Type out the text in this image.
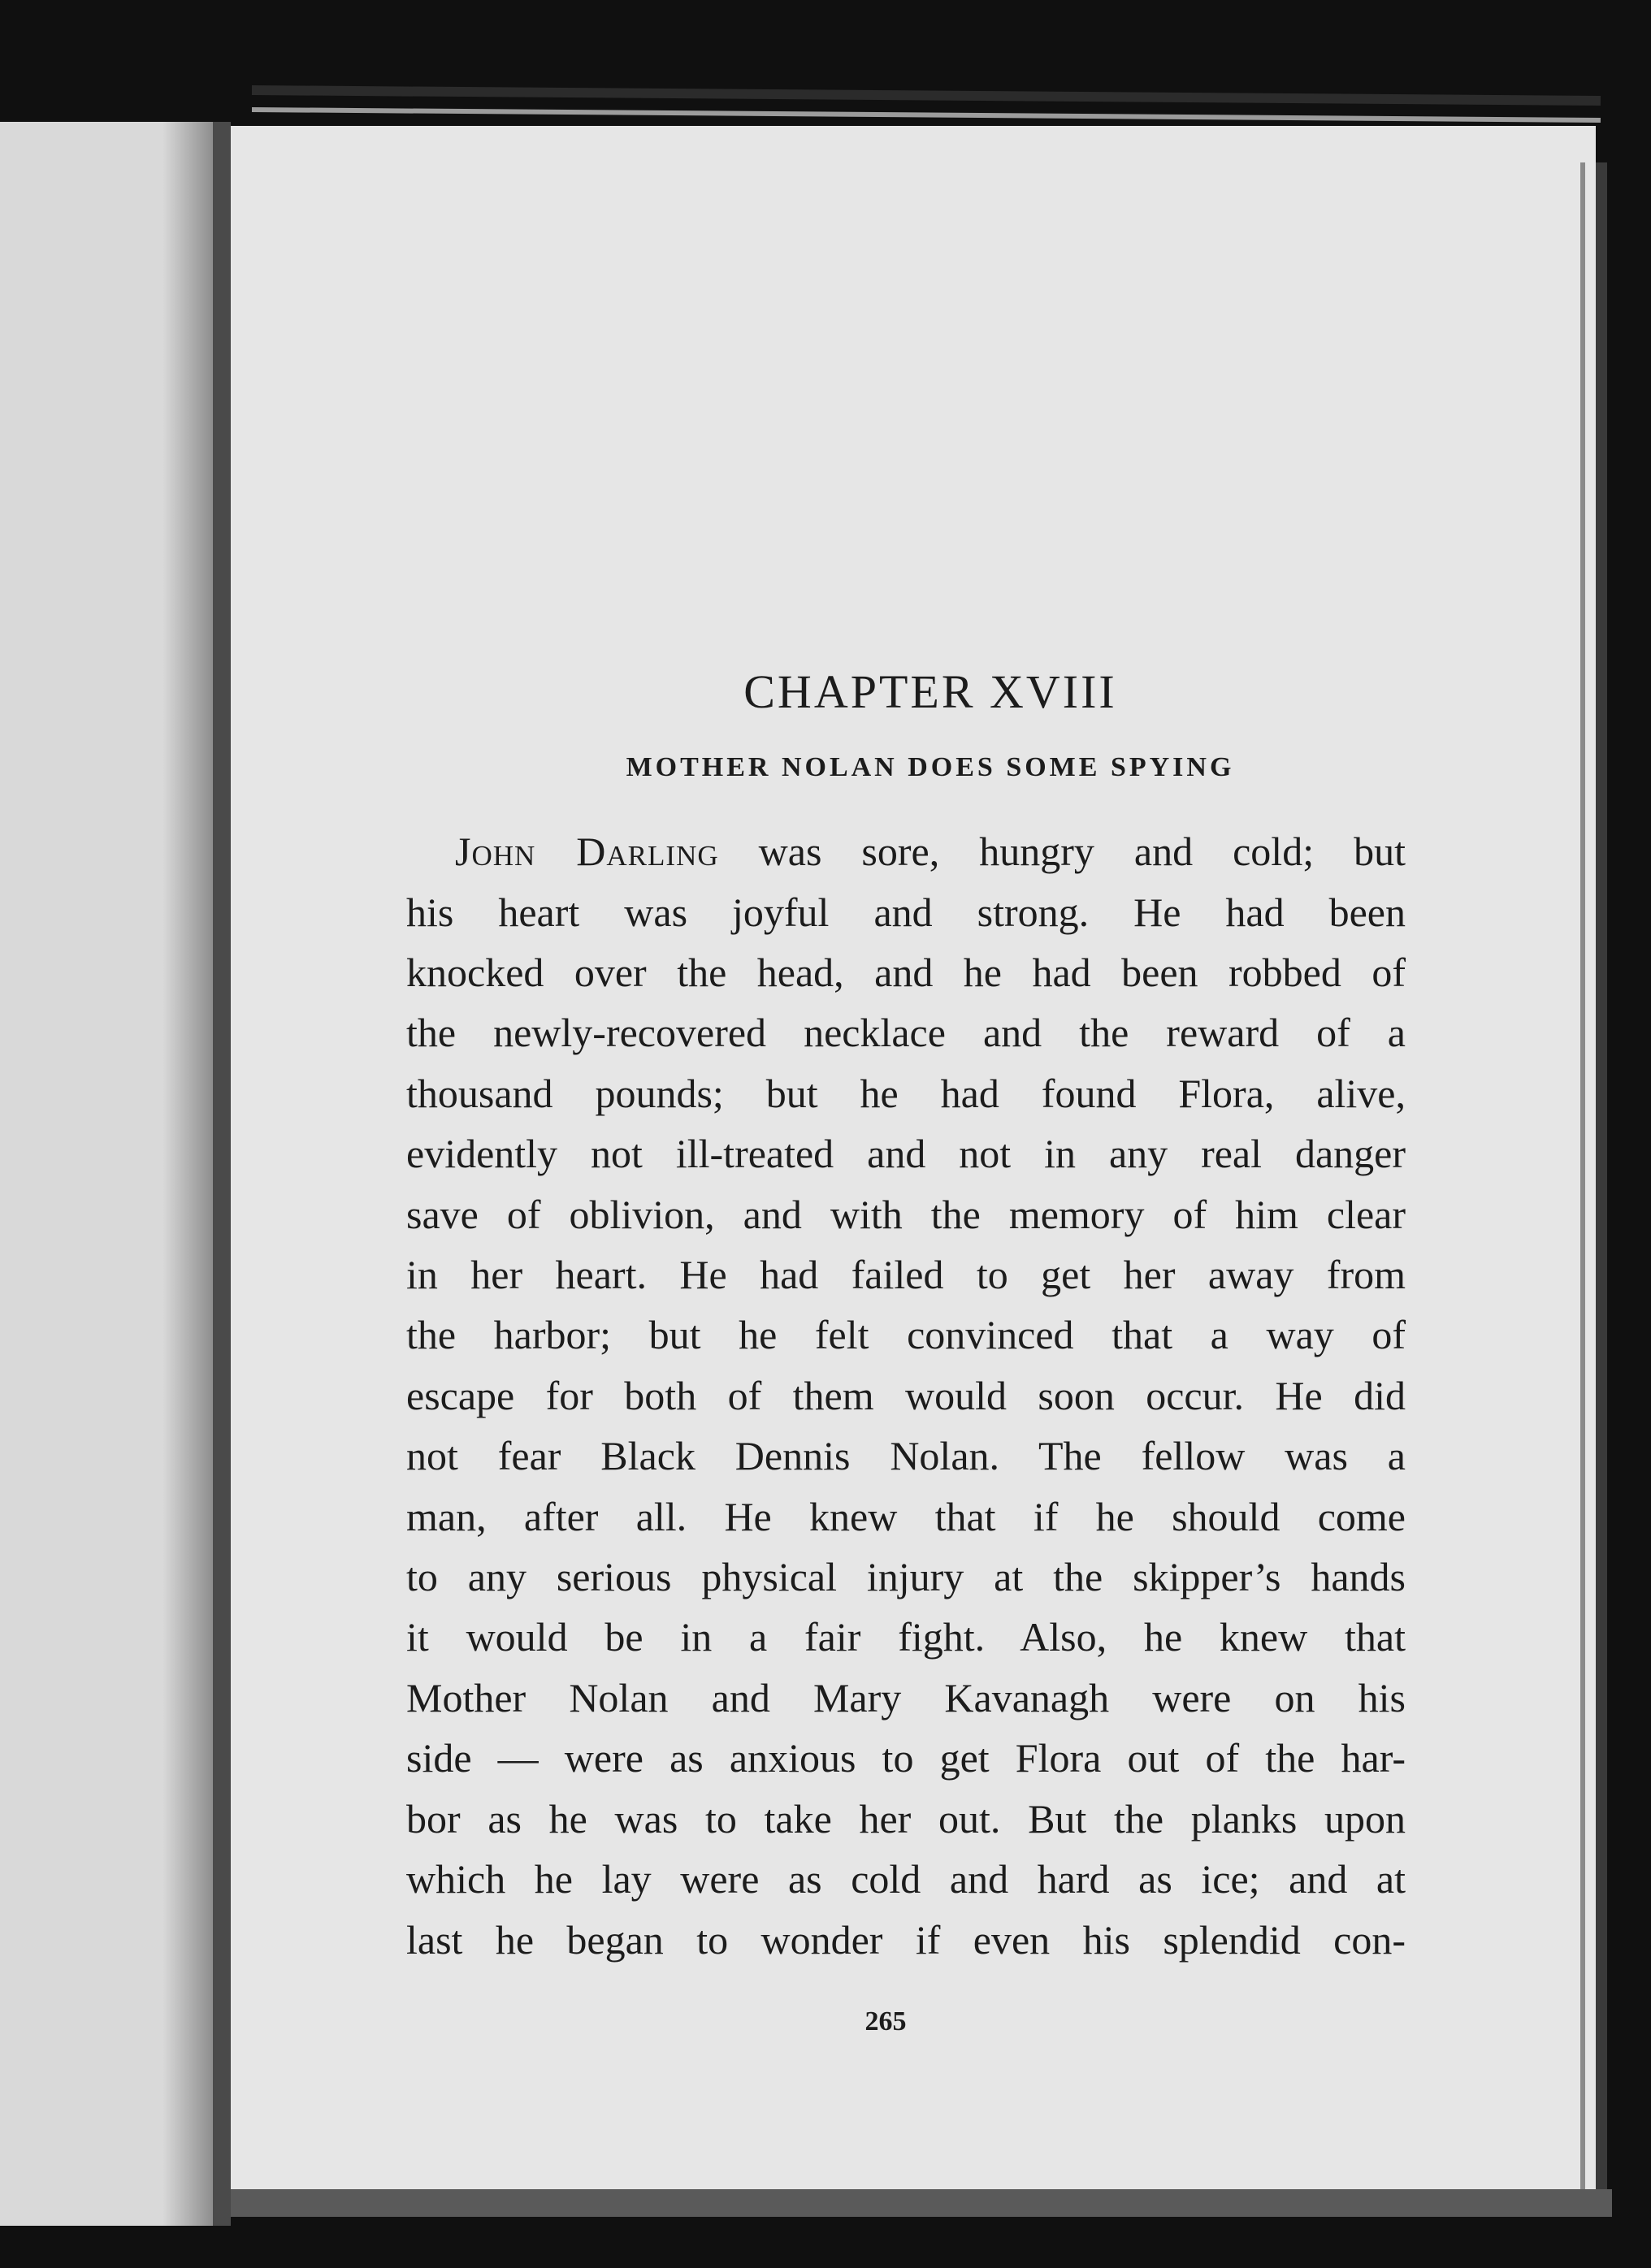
CHAPTER XVIII
MOTHER NOLAN DOES SOME SPYING
John Darling was sore, hungry and cold; but
his heart was joyful and strong. He had been
knocked over the head, and he had been robbed of
the newly-recovered necklace and the reward of a
thousand pounds; but he had found Flora, alive,
evidently not ill-treated and not in any real danger
save of oblivion, and with the memory of him clear
in her heart. He had failed to get her away from
the harbor; but he felt convinced that a way of
escape for both of them would soon occur. He did
not fear Black Dennis Nolan. The fellow was a
man, after all. He knew that if he should come
to any serious physical injury at the skipper’s hands
it would be in a fair fight. Also, he knew that
Mother Nolan and Mary Kavanagh were on his
side — were as anxious to get Flora out of the har-
bor as he was to take her out. But the planks upon
which he lay were as cold and hard as ice; and at
last he began to wonder if even his splendid con-
265
